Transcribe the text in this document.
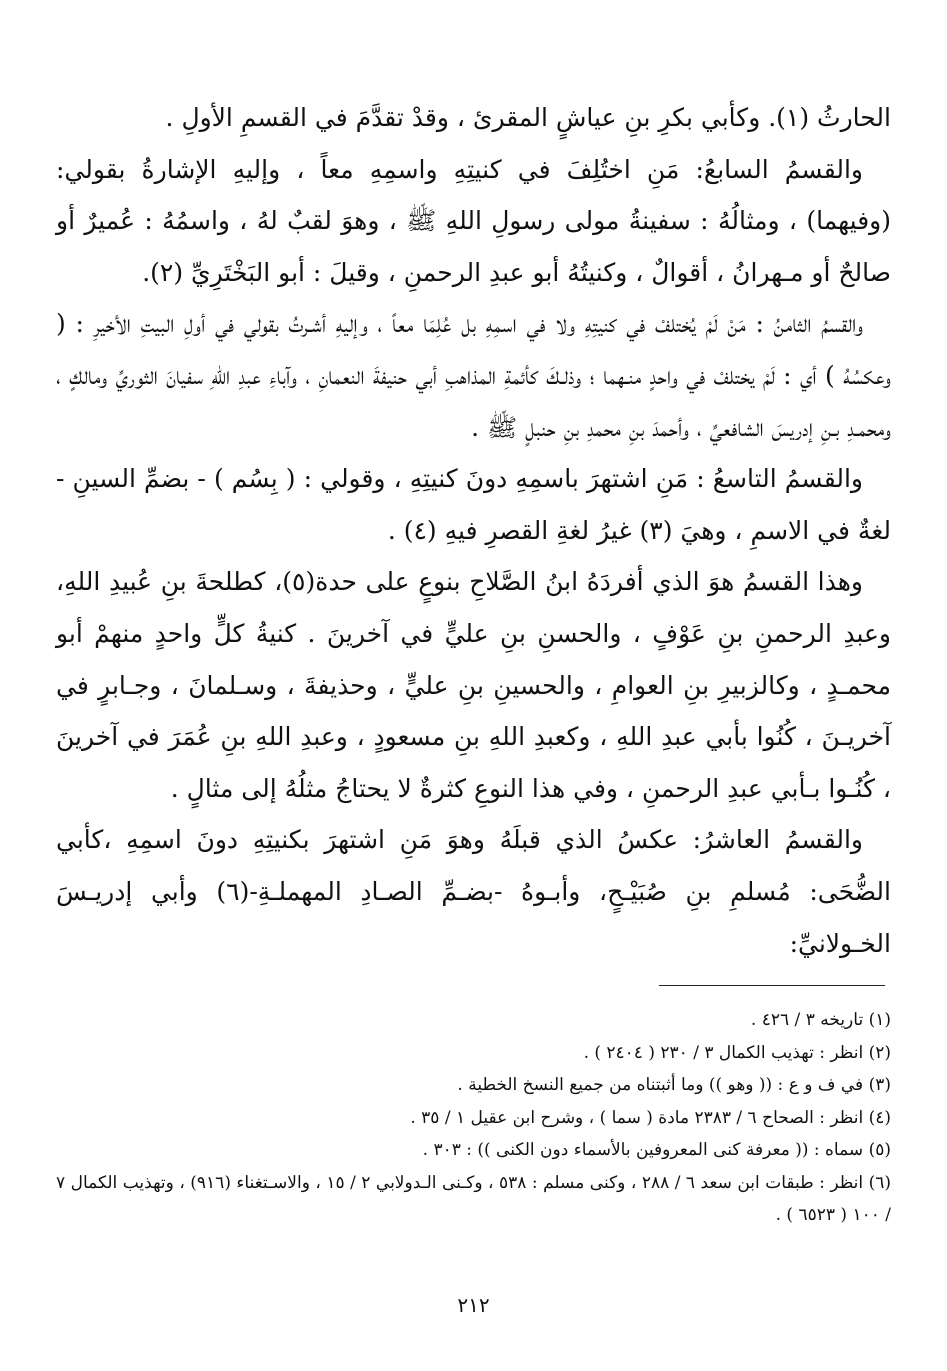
الحارثُ (١). وكأبي بكرِ بنِ عياشٍ المقرئ ، وقدْ تقدَّمَ في القسمِ الأولِ .

والقسمُ السابعُ: مَنِ اختُلِفَ في كنيتِهِ واسمِهِ معاً ، وإليهِ الإشارةُ بقولي: (وفيهما) ، ومثالُهُ : سفينةُ مولى رسولِ اللهِ ﷺ ، وهوَ لقبٌ لهُ ، واسمُهُ : عُميرٌ أو صالحٌ أو مـهرانُ ، أقوالٌ ، وكنيتُهُ أبو عبدِ الرحمنِ ، وقيلَ : أبو البَخْتَرِيِّ (٢).

والقسمُ الثامنُ : مَنْ لَمْ يُختلفْ في كنيتِهِ ولا في اسمِهِ بل عُلِمَا معاً ، وإليهِ أشـرتُ بقولي في أولِ البيتِ الأخيرِ : ( وعكسُهُ ) أي : لَمْ يختلفْ في واحدٍ منـهما ؛ وذلـكَ كأئمةِ المذاهبِ أبي حنيفةَ النعمانِ ، وآباءِ عبدِ اللهِ سفيانَ الثوريِّ ومالكٍ ، ومحمـدِ بـنِ إدريسَ الشافعيِّ ، وأحمدَ بنِ محمدِ بنِ حنبلٍ ﷺ .

والقسمُ التاسعُ : مَنِ اشتهرَ باسمِهِ دونَ كنيتِهِ ، وقولي : ( بِسُم ) - بضمِّ السينِ - لغةٌ في الاسمِ ، وهيَ (٣) غيرُ لغةِ القصرِ فيهِ (٤) .

وهذا القسمُ هوَ الذي أفردَهُ ابنُ الصَّلاحِ بنوعٍ على حدة(٥)، كطلحةَ بنِ عُبيدِ اللهِ، وعبدِ الرحمنِ بنِ عَوْفٍ ، والحسنِ بنِ عليٍّ في آخرينَ . كنيةُ كلٍّ واحدٍ منهمْ أبو محمـدٍ ، وكالزبيرِ بنِ العوامِ ، والحسينِ بنِ عليٍّ ، وحذيفةَ ، وسـلمانَ ، وجـابرٍ في آخريـنَ ، كُنُوا بأبي عبدِ اللهِ ، وكعبدِ اللهِ بنِ مسعودٍ ، وعبدِ اللهِ بنِ عُمَرَ في آخرينَ ، كُنُـوا بـأبي عبدِ الرحمنِ ، وفي هذا النوعِ كثرةٌ لا يحتاجُ مثلُهُ إلى مثالٍ .

والقسمُ العاشرُ: عكسُ الذي قبلَهُ وهوَ مَنِ اشتهرَ بكنيتِهِ دونَ اسمِهِ ،كأبي الضُّحَى: مُسلمِ بنِ صُبَيْـحٍ، وأبـوهُ -بضـمِّ الصـادِ المهملـةِ-(٦) وأبي إدريـسَ الخـولانيِّ:

(١) تاريخه ٣ / ٤٢٦ .

(٢) انظر : تهذيب الكمال ٣ / ٢٣٠ ( ٢٤٠٤ ) .

(٣) في ف و ع : (( وهو )) وما أثبتناه من جميع النسخ الخطية .

(٤) انظر : الصحاح ٦ / ٢٣٨٣ مادة ( سما ) ، وشرح ابن عقيل ١ / ٣٥ .

(٥) سماه : (( معرفة كنى المعروفين بالأسماء دون الكنى )) : ٣٠٣ .

(٦) انظر : طبقات ابن سعد ٦ / ٢٨٨ ، وكنى مسلم : ٥٣٨ ، وكـنى الـدولابي ٢ / ١٥ ، والاسـتغناء (٩١٦) ، وتهذيب الكمال ٧ / ١٠٠ ( ٦٥٢٣ ) .

٢١٢
